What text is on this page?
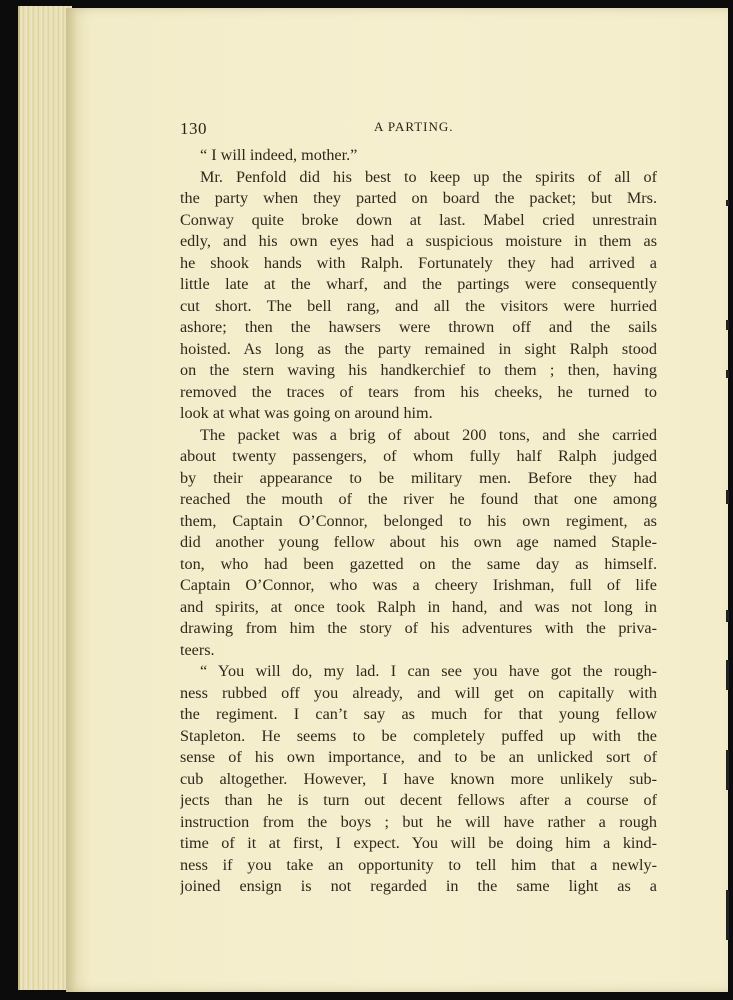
130	A PARTING.
“ I will indeed, mother.”
Mr. Penfold did his best to keep up the spirits of all of
the party when they parted on board the packet; but Mrs.
Conway quite broke down at last. Mabel cried unrestrain
edly, and his own eyes had a suspicious moisture in them as
he shook hands with Ralph. Fortunately they had arrived a
little late at the wharf, and the partings were consequently
cut short. The bell rang, and all the visitors were hurried
ashore; then the hawsers were thrown off and the sails
hoisted. As long as the party remained in sight Ralph stood
on the stern waving his handkerchief to them ; then, having
removed the traces of tears from his cheeks, he turned to
look at what was going on around him.
The packet was a brig of about 200 tons, and she carried
about twenty passengers, of whom fully half Ralph judged
by their appearance to be military men. Before they had
reached the mouth of the river he found that one among
them, Captain O’Connor, belonged to his own regiment, as
did another young fellow about his own age named Staple-
ton, who had been gazetted on the same day as himself.
Captain O’Connor, who was a cheery Irishman, full of life
and spirits, at once took Ralph in hand, and was not long in
drawing from him the story of his adventures with the priva-
teers.
“ You will do, my lad. I can see you have got the rough-
ness rubbed off you already, and will get on capitally with
the regiment. I can’t say as much for that young fellow
Stapleton. He seems to be completely puffed up with the
sense of his own importance, and to be an unlicked sort of
cub altogether. However, I have known more unlikely sub-
jects than he is turn out decent fellows after a course of
instruction from the boys ; but he will have rather a rough
time of it at first, I expect. You will be doing him a kind-
ness if you take an opportunity to tell him that a newly-
joined ensign is not regarded in the same light as a
